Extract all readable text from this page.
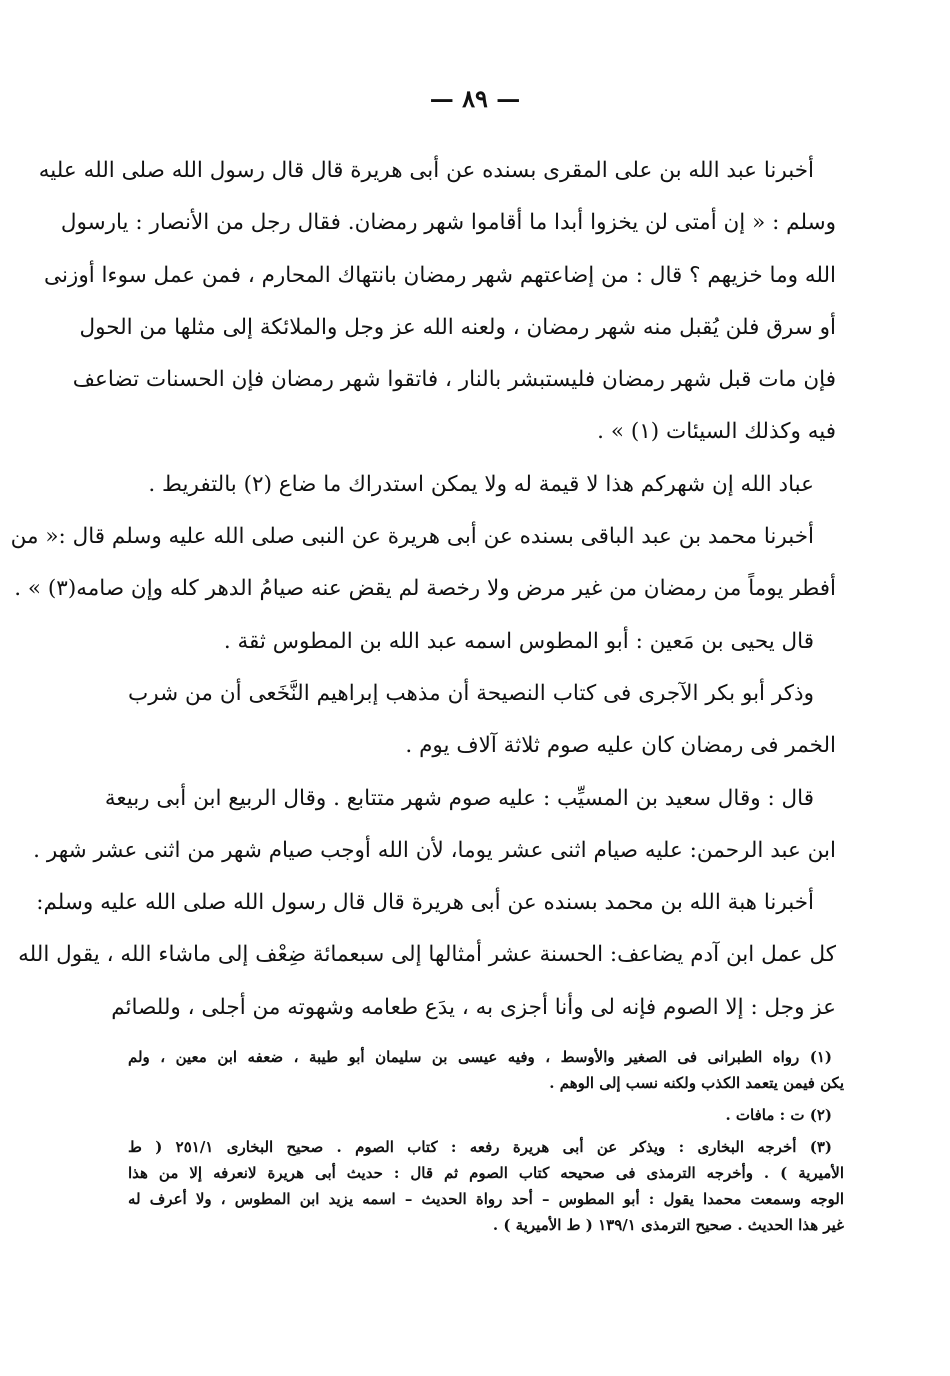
— ٨٩ —
أخبرنا عبد الله بن على المقرى بسنده عن أبى هريرة قال قال رسول الله صلى الله عليه
وسلم : « إن أمتى لن يخزوا أبدا ما أقاموا شهر رمضان. فقال رجل من الأنصار : يارسول
الله وما خزيهم ؟ قال : من إضاعتهم شهر رمضان بانتهاك المحارم ، فمن عمل سوءا أوزنى
أو سرق فلن يُقبل منه شهر رمضان ، ولعنه الله عز وجل والملائكة إلى مثلها من الحول
فإن مات قبل شهر رمضان فليستبشر بالنار ، فاتقوا شهر رمضان فإن الحسنات تضاعف
فيه وكذلك السيئات (١) » .
عباد الله إن شهركم هذا لا قيمة له ولا يمكن استدراك ما ضاع (٢) بالتفريط .
أخبرنا محمد بن عبد الباقى بسنده عن أبى هريرة عن النبى صلى الله عليه وسلم قال :« من
أفطر يوماً من رمضان من غير مرض ولا رخصة لم يقض عنه صيامُ الدهر كله وإن صامه(٣) » .
قال يحيى بن مَعين : أبو المطوس اسمه عبد الله بن المطوس ثقة .
وذكر أبو بكر الآجرى فى كتاب النصيحة أن مذهب إبراهيم النَّخَعى أن من شرب
الخمر فى رمضان كان عليه صوم ثلاثة آلاف يوم .
قال : وقال سعيد بن المسيِّب : عليه صوم شهر متتابع . وقال الربيع ابن أبى ربيعة
ابن عبد الرحمن: عليه صيام اثنى عشر يوما، لأن الله أوجب صيام شهر من اثنى عشر شهر .
أخبرنا هبة الله بن محمد بسنده عن أبى هريرة قال قال رسول الله صلى الله عليه وسلم:
كل عمل ابن آدم يضاعف: الحسنة عشر أمثالها إلى سبعمائة ضِعْف إلى ماشاء الله ، يقول الله
عز وجل : إلا الصوم فإنه لى وأنا أجزى به ، يدَع طعامه وشهوته من أجلى ، وللصائم
(١) رواه الطبرانى فى الصغير والأوسط ، وفيه عيسى بن سليمان أبو طيبة ، ضعفه ابن معين ، ولم
يكن فيمن يتعمد الكذب ولكنه نسب إلى الوهم .
(٢) ت : مافات .
(٣) أخرجه البخارى : ويذكر عن أبى هريرة رفعه : كتاب الصوم . صحيح البخارى ٢٥١/١ ( ط
الأميرية ) . وأخرجه الترمذى فى صحيحه كتاب الصوم ثم قال : حديث أبى هريرة لانعرفه إلا من هذا
الوجه وسمعت محمدا يقول : أبو المطوس – أحد رواة الحديث – اسمه يزيد ابن المطوس ، ولا أعرف له
غير هذا الحديث . صحيح الترمذى ١٣٩/١ ( ط الأميرية ) .
